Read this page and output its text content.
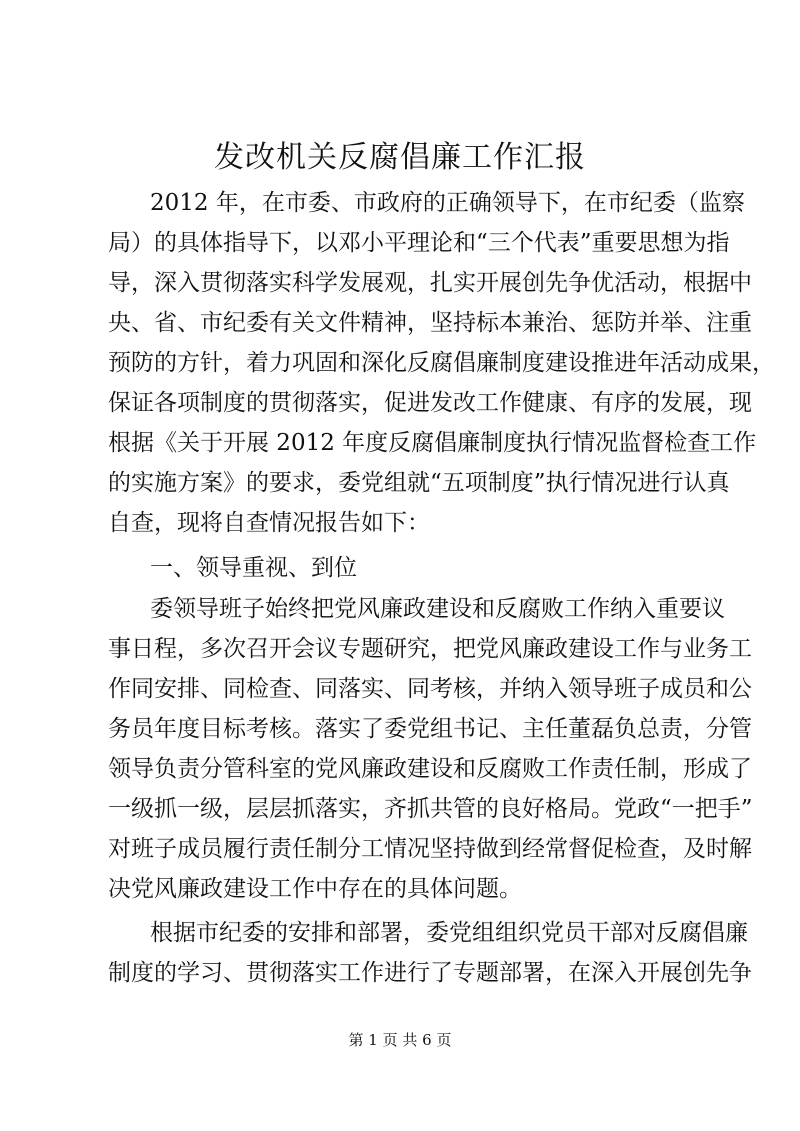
发改机关反腐倡廉工作汇报
2012 年，在市委、市政府的正确领导下，在市纪委（监察
局）的具体指导下，以邓小平理论和“三个代表”重要思想为指
导，深入贯彻落实科学发展观，扎实开展创先争优活动，根据中
央、省、市纪委有关文件精神，坚持标本兼治、惩防并举、注重
预防的方针，着力巩固和深化反腐倡廉制度建设推进年活动成果，
保证各项制度的贯彻落实，促进发改工作健康、有序的发展，现
根据《关于开展 2012 年度反腐倡廉制度执行情况监督检查工作
的实施方案》的要求，委党组就“五项制度”执行情况进行认真
自查，现将自查情况报告如下：
一、领导重视、到位
委领导班子始终把党风廉政建设和反腐败工作纳入重要议
事日程，多次召开会议专题研究，把党风廉政建设工作与业务工
作同安排、同检查、同落实、同考核，并纳入领导班子成员和公
务员年度目标考核。落实了委党组书记、主任董磊负总责，分管
领导负责分管科室的党风廉政建设和反腐败工作责任制，形成了
一级抓一级，层层抓落实，齐抓共管的良好格局。党政“一把手”
对班子成员履行责任制分工情况坚持做到经常督促检查，及时解
决党风廉政建设工作中存在的具体问题。
根据市纪委的安排和部署，委党组组织党员干部对反腐倡廉
制度的学习、贯彻落实工作进行了专题部署，在深入开展创先争
第 1 页 共 6 页
